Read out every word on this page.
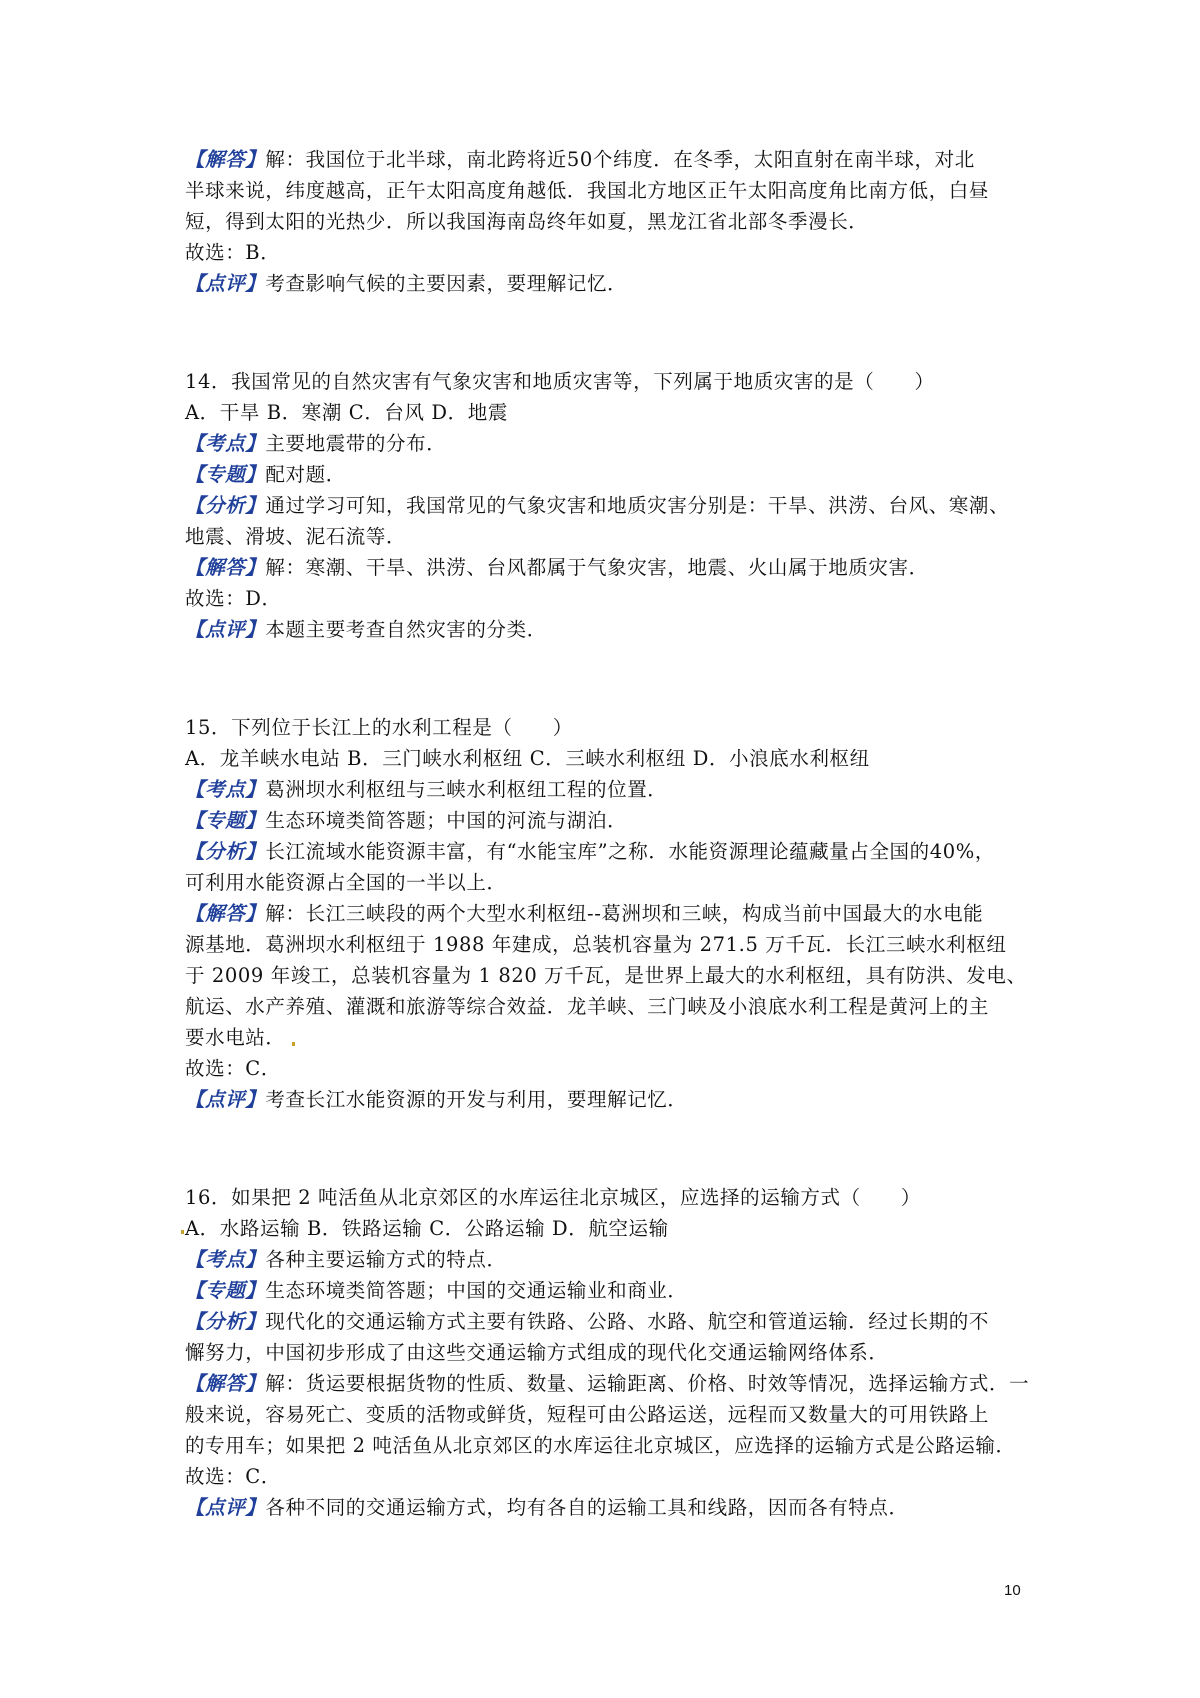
【解答】解：我国位于北半球，南北跨将近50个纬度．在冬季，太阳直射在南半球，对北
半球来说，纬度越高，正午太阳高度角越低．我国北方地区正午太阳高度角比南方低，白昼
短，得到太阳的光热少．所以我国海南岛终年如夏，黑龙江省北部冬季漫长．
故选：B．
【点评】考查影响气候的主要因素，要理解记忆．
14．我国常见的自然灾害有气象灾害和地质灾害等，下列属于地质灾害的是（　　）
A．干旱 B．寒潮 C．台风 D．地震
【考点】主要地震带的分布．
【专题】配对题．
【分析】通过学习可知，我国常见的气象灾害和地质灾害分别是：干旱、洪涝、台风、寒潮、
地震、滑坡、泥石流等．
【解答】解：寒潮、干旱、洪涝、台风都属于气象灾害，地震、火山属于地质灾害．
故选：D．
【点评】本题主要考查自然灾害的分类．
15．下列位于长江上的水利工程是（　　）
A．龙羊峡水电站 B．三门峡水利枢纽 C．三峡水利枢纽 D．小浪底水利枢纽
【考点】葛洲坝水利枢纽与三峡水利枢纽工程的位置．
【专题】生态环境类简答题；中国的河流与湖泊．
【分析】长江流域水能资源丰富，有“水能宝库”之称．水能资源理论蕴藏量占全国的40%，
可利用水能资源占全国的一半以上．
【解答】解：长江三峡段的两个大型水利枢纽--葛洲坝和三峡，构成当前中国最大的水电能
源基地．葛洲坝水利枢纽于 1988 年建成，总装机容量为 271.5 万千瓦．长江三峡水利枢纽
于 2009 年竣工，总装机容量为 1 820 万千瓦，是世界上最大的水利枢纽，具有防洪、发电、
航运、水产养殖、灌溉和旅游等综合效益．龙羊峡、三门峡及小浪底水利工程是黄河上的主
要水电站．
故选：C．
【点评】考查长江水能资源的开发与利用，要理解记忆．
16．如果把 2 吨活鱼从北京郊区的水库运往北京城区，应选择的运输方式（　　）
A．水路运输 B．铁路运输 C．公路运输 D．航空运输
【考点】各种主要运输方式的特点．
【专题】生态环境类简答题；中国的交通运输业和商业．
【分析】现代化的交通运输方式主要有铁路、公路、水路、航空和管道运输．经过长期的不
懈努力，中国初步形成了由这些交通运输方式组成的现代化交通运输网络体系．
【解答】解：货运要根据货物的性质、数量、运输距离、价格、时效等情况，选择运输方式．一
般来说，容易死亡、变质的活物或鲜货，短程可由公路运送，远程而又数量大的可用铁路上
的专用车；如果把 2 吨活鱼从北京郊区的水库运往北京城区，应选择的运输方式是公路运输．
故选：C．
【点评】各种不同的交通运输方式，均有各自的运输工具和线路，因而各有特点．
10
